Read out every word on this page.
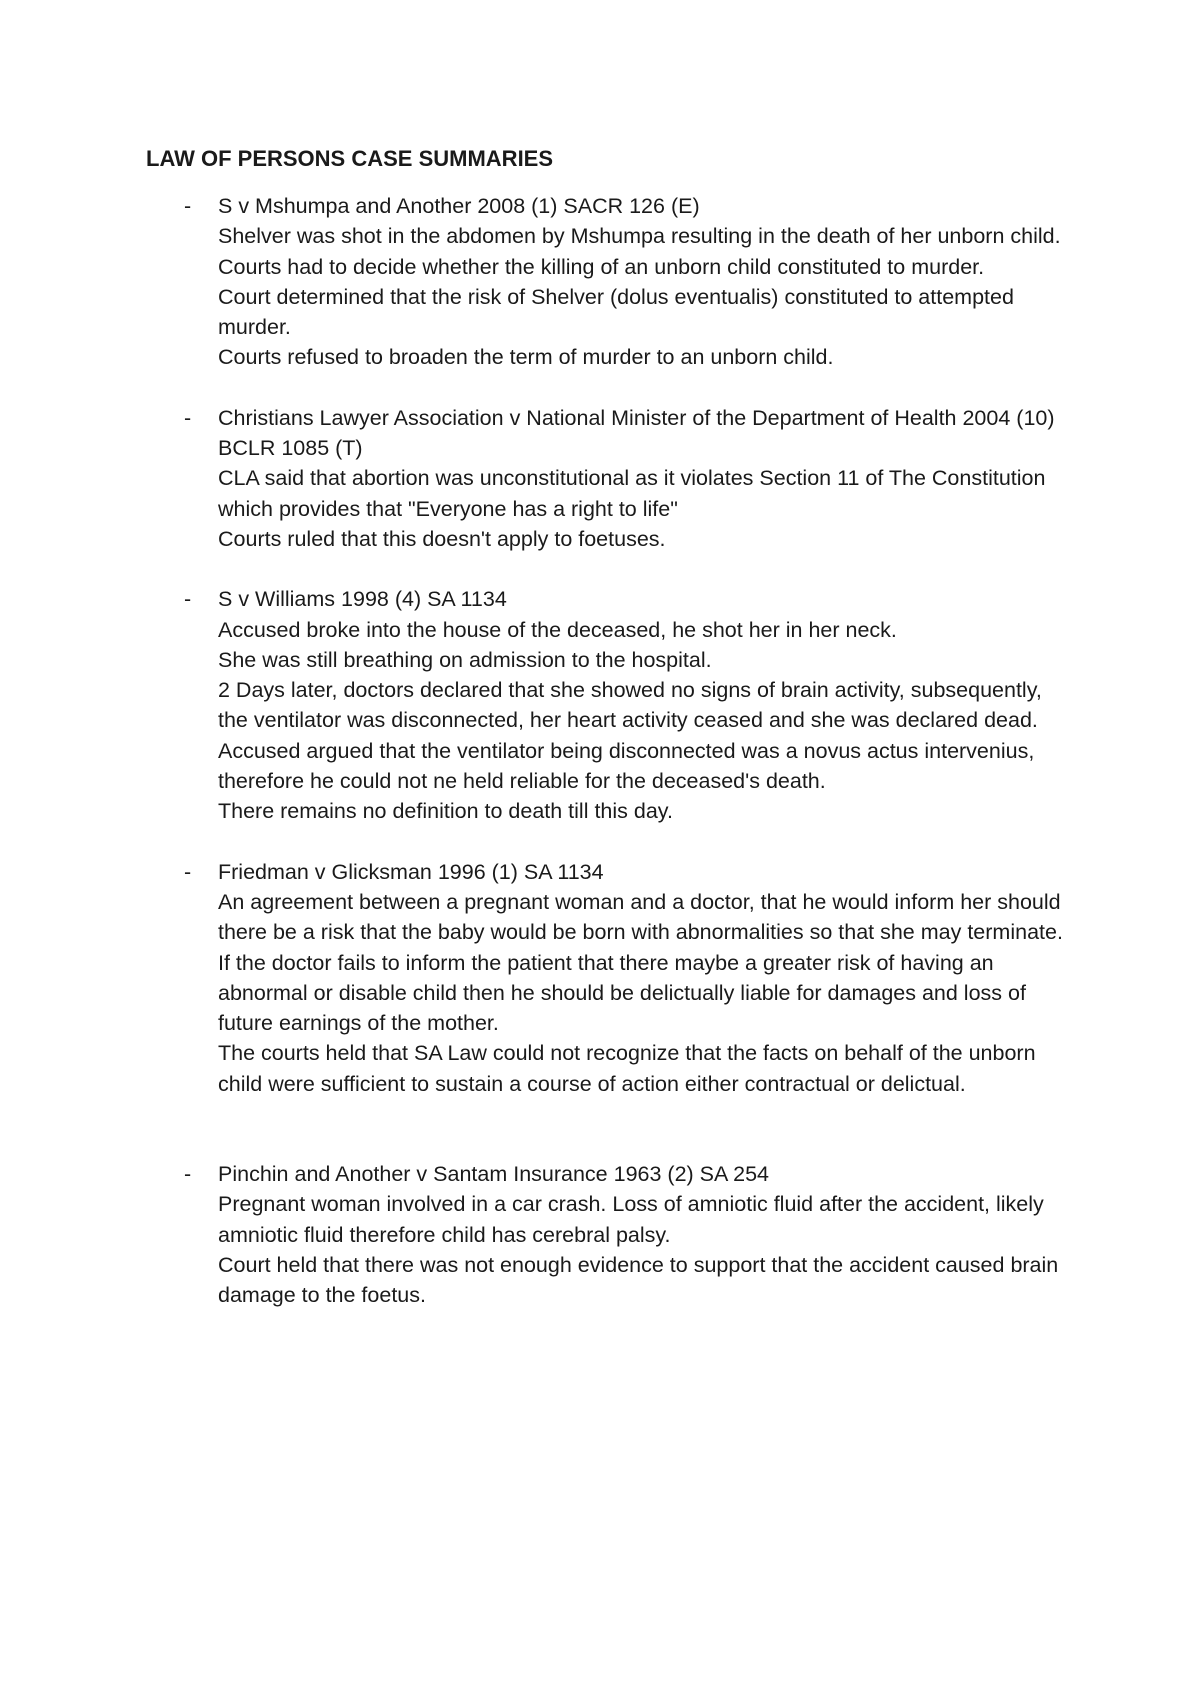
LAW OF PERSONS CASE SUMMARIES
- S v Mshumpa and Another 2008 (1) SACR 126 (E)
Shelver was shot in the abdomen by Mshumpa resulting in the death of her unborn child.
Courts had to decide whether the killing of an unborn child constituted to murder.
Court determined that the risk of Shelver (dolus eventualis) constituted to attempted murder.
Courts refused to broaden the term of murder to an unborn child.
- Christians Lawyer Association v National Minister of the Department of Health 2004 (10) BCLR 1085 (T)
CLA said that abortion was unconstitutional as it violates Section 11 of The Constitution which provides that "Everyone has a right to life"
Courts ruled that this doesn't apply to foetuses.
- S v Williams 1998 (4) SA 1134
Accused broke into the house of the deceased, he shot her in her neck.
She was still breathing on admission to the hospital.
2 Days later, doctors declared that she showed no signs of brain activity, subsequently, the ventilator was disconnected, her heart activity ceased and she was declared dead.
Accused argued that the ventilator being disconnected was a novus actus intervenius, therefore he could not ne held reliable for the deceased's death.
There remains no definition to death till this day.
- Friedman v Glicksman 1996 (1) SA 1134
An agreement between a pregnant woman and a doctor, that he would inform her should there be a risk that the baby would be born with abnormalities so that she may terminate.
If the doctor fails to inform the patient that there maybe a greater risk of having an abnormal or disable child then he should be delictually liable for damages and loss of future earnings of the mother.
The courts held that SA Law could not recognize that the facts on behalf of the unborn child were sufficient to sustain a course of action either contractual or delictual.
- Pinchin and Another v Santam Insurance 1963 (2) SA 254
Pregnant woman involved in a car crash. Loss of amniotic fluid after the accident, likely amniotic fluid therefore child has cerebral palsy.
Court held that there was not enough evidence to support that the accident caused brain damage to the foetus.
